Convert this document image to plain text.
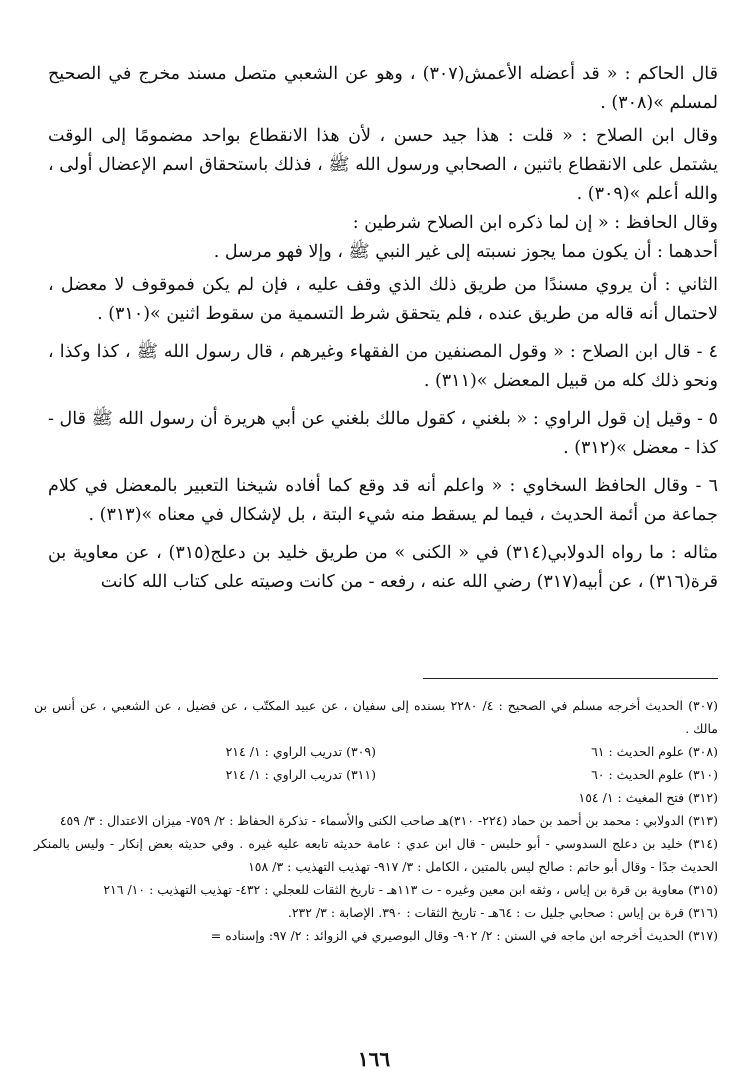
قال الحاكم : « قد أعضله الأعمش(٣٠٧) ، وهو عن الشعبي متصل مسند مخرج في الصحيح لمسلم »(٣٠٨) .

وقال ابن الصلاح : « قلت : هذا جيد حسن ، لأن هذا الانقطاع بواحد مضمومًا إلى الوقت يشتمل على الانقطاع باثنين ، الصحابي ورسول الله ﷺ ، فذلك باستحقاق اسم الإعضال أولى ، والله أعلم »(٣٠٩) .

وقال الحافظ : « إن لما ذكره ابن الصلاح شرطين :

أحدهما : أن يكون مما يجوز نسبته إلى غير النبي ﷺ ، وإلا فهو مرسل .

الثاني : أن يروي مسندًا من طريق ذلك الذي وقف عليه ، فإن لم يكن فموقوف لا معضل ، لاحتمال أنه قاله من طريق عنده ، فلم يتحقق شرط التسمية من سقوط اثنين »(٣١٠) .

٤ - قال ابن الصلاح : « وقول المصنفين من الفقهاء وغيرهم ، قال رسول الله ﷺ ، كذا وكذا ، ونحو ذلك كله من قبيل المعضل »(٣١١) .

٥ - وقيل إن قول الراوي : « بلغني ، كقول مالك بلغني عن أبي هريرة أن رسول الله ﷺ قال - كذا - معضل »(٣١٢) .

٦ - وقال الحافظ السخاوي : « واعلم أنه قد وقع كما أفاده شيخنا التعبير بالمعضل في كلام جماعة من أئمة الحديث ، فيما لم يسقط منه شيء البتة ، بل لإشكال في معناه »(٣١٣) .

مثاله : ما رواه الدولابي(٣١٤) في « الكنى » من طريق خليد بن دعلج(٣١٥) ، عن معاوية بن قرة(٣١٦) ، عن أبيه(٣١٧) رضي الله عنه ، رفعه - من كانت وصيته على كتاب الله كانت

(٣٠٧) الحديث أخرجه مسلم في الصحيح : ٤/ ٢٢٨٠ بسنده إلى سفيان ، عن عبيد المكتّب ، عن فضيل ، عن الشعبي ، عن أنس بن مالك .

(٣٠٨) علوم الحديث : ٦١
(٣٠٩) تدريب الراوي : ١/ ٢١٤
(٣١٠) علوم الحديث : ٦٠
(٣١١) تدريب الراوي : ١/ ٢١٤

(٣١٢) فتح المغيث : ١/ ١٥٤

(٣١٣) الدولابي : محمد بن أحمد بن حماد (٢٢٤- ٣١٠)هـ صاحب الكنى والأسماء - تذكرة الحفاظ : ٢/ ٧٥٩- ميزان الاعتدال : ٣/ ٤٥٩

(٣١٤) خليد بن دعلج السدوسي - أبو حلبس - قال ابن عدي : عامة حديثه تابعه عليه غيره . وفي حديثه بعض إنكار - وليس بالمنكر الحديث جدًا - وقال أبو حاتم : صالح ليس بالمتين ، الكامل : ٣/ ٩١٧- تهذيب التهذيب : ٣/ ١٥٨

(٣١٥) معاوية بن قرة بن إياس ، وثقه ابن معين وغيره - ت ١١٣هـ - تاريخ الثقات للعجلي : ٤٣٢- تهذيب التهذيب : ١٠/ ٢١٦

(٣١٦) قرة بن إياس : صحابي جليل ت : ٦٤هـ - تاريخ الثقات : ٣٩٠. الإصابة : ٣/ ٢٣٢.

(٣١٧) الحديث أخرجه ابن ماجه في السنن : ٢/ ٩٠٢- وقال البوصيري في الزوائد : ٢/ ٩٧: وإسناده =

١٦٦
